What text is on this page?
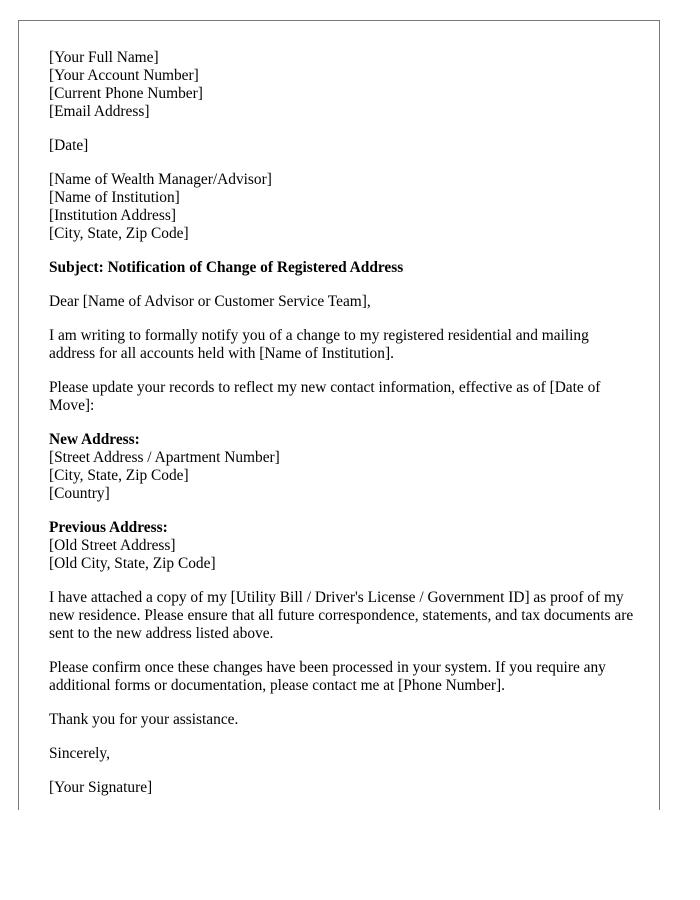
[Your Full Name]
[Your Account Number]
[Current Phone Number]
[Email Address]
[Date]
[Name of Wealth Manager/Advisor]
[Name of Institution]
[Institution Address]
[City, State, Zip Code]
Subject: Notification of Change of Registered Address
Dear [Name of Advisor or Customer Service Team],

I am writing to formally notify you of a change to my registered residential and mailing address for all accounts held with [Name of Institution].

Please update your records to reflect my new contact information, effective as of [Date of Move]:

New Address:
[Street Address / Apartment Number]
[City, State, Zip Code]
[Country]
Previous Address:
[Old Street Address]
[Old City, State, Zip Code]

I have attached a copy of my [Utility Bill / Driver's License / Government ID] as proof of my new residence. Please ensure that all future correspondence, statements, and tax documents are sent to the new address listed above.

Please confirm once these changes have been processed in your system. If you require any additional forms or documentation, please contact me at [Phone Number].

Thank you for your assistance.
Sincerely,
[Your Signature]
